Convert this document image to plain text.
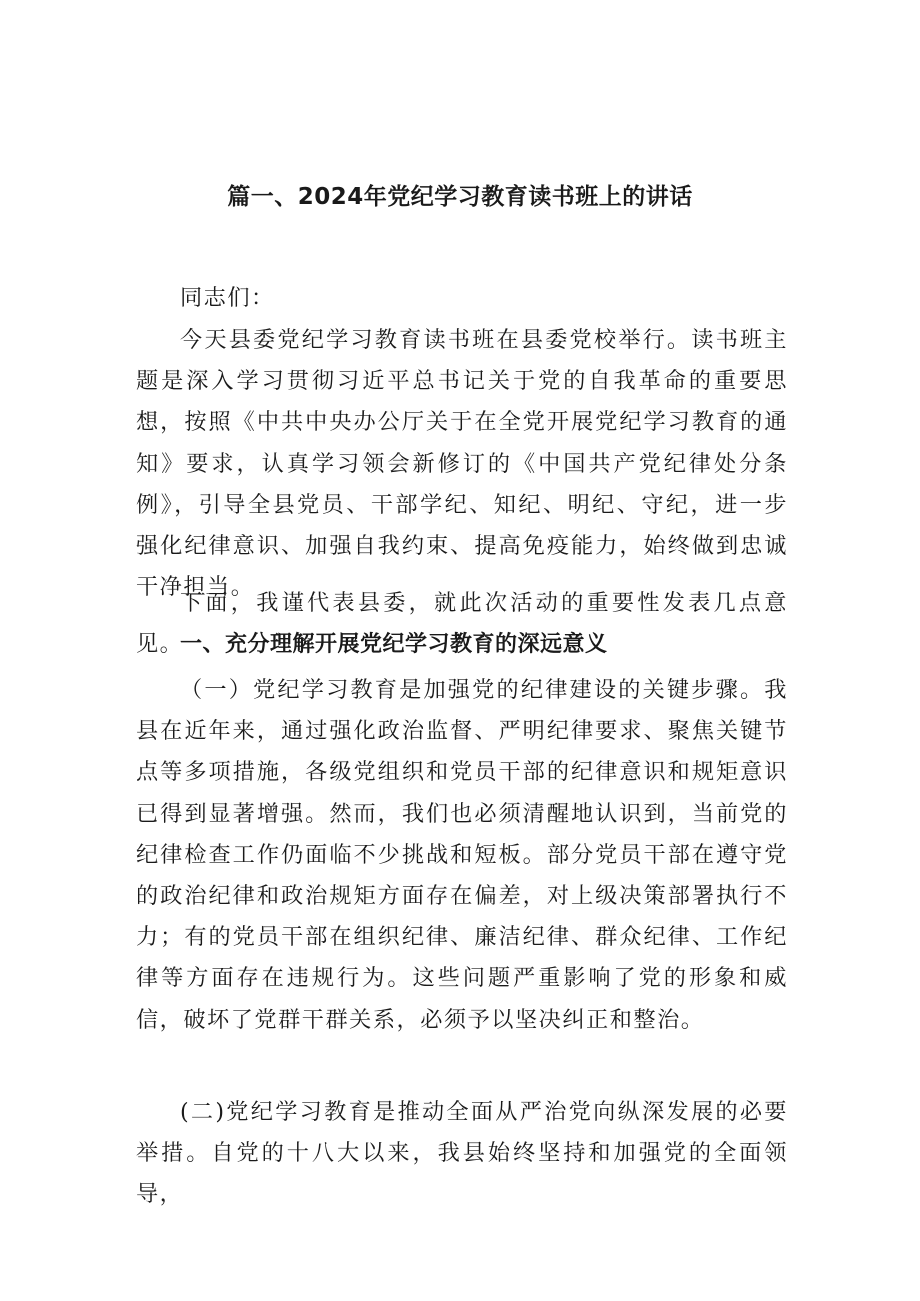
篇一、2024年党纪学习教育读书班上的讲话
同志们：
今天县委党纪学习教育读书班在县委党校举行。读书班主题是深入学习贯彻习近平总书记关于党的自我革命的重要思想，按照《中共中央办公厅关于在全党开展党纪学习教育的通知》要求，认真学习领会新修订的《中国共产党纪律处分条例》，引导全县党员、干部学纪、知纪、明纪、守纪，进一步强化纪律意识、加强自我约束、提高免疫能力，始终做到忠诚干净担当。
下面，我谨代表县委，就此次活动的重要性发表几点意见。
一、充分理解开展党纪学习教育的深远意义
（一）党纪学习教育是加强党的纪律建设的关键步骤。我县在近年来，通过强化政治监督、严明纪律要求、聚焦关键节点等多项措施，各级党组织和党员干部的纪律意识和规矩意识已得到显著增强。然而，我们也必须清醒地认识到，当前党的纪律检查工作仍面临不少挑战和短板。部分党员干部在遵守党的政治纪律和政治规矩方面存在偏差，对上级决策部署执行不力；有的党员干部在组织纪律、廉洁纪律、群众纪律、工作纪律等方面存在违规行为。这些问题严重影响了党的形象和威信，破坏了党群干群关系，必须予以坚决纠正和整治。
(二)党纪学习教育是推动全面从严治党向纵深发展的必要举措。自党的十八大以来，我县始终坚持和加强党的全面领导，
